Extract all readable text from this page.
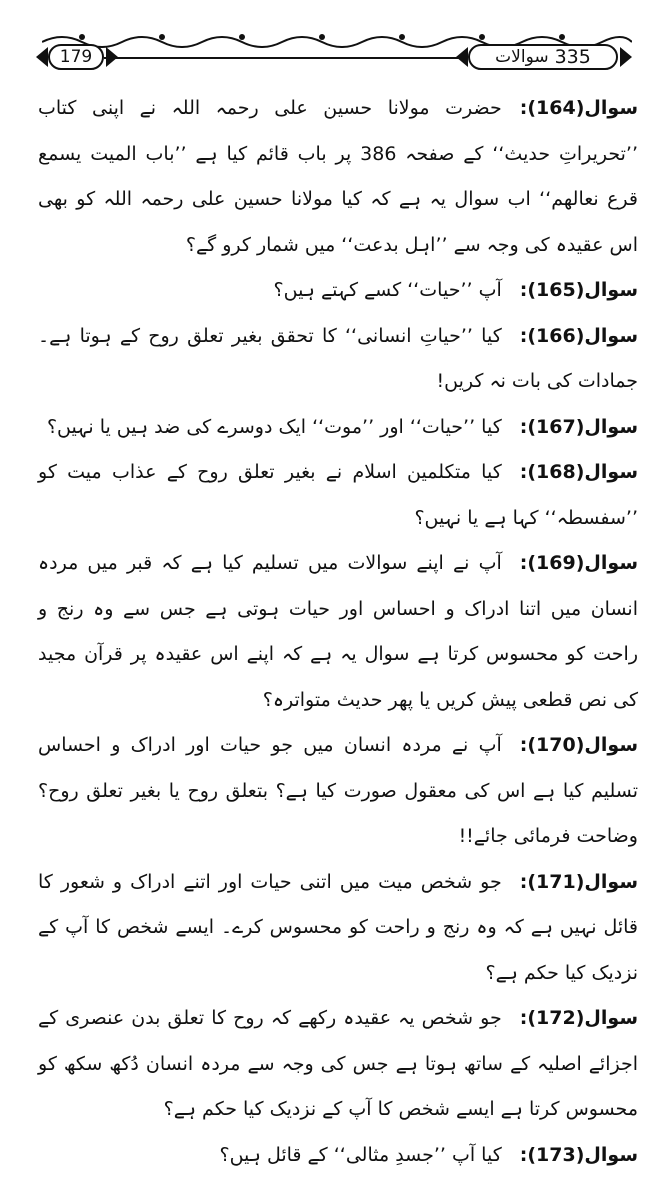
179	335
سوالات

سوال(164):حضرت مولانا حسین علی رحمہ اللہ نے اپنی کتاب ’’تحریراتِ حدیث‘‘ کے صفحہ 386 پر باب قائم کیا ہے ’’باب المیت یسمع قرع نعالھم‘‘ اب سوال یہ ہے کہ کیا مولانا حسین علی رحمہ اللہ کو بھی اس عقیدہ کی وجہ سے ’’اہل بدعت‘‘ میں شمار کرو گے؟

سوال(165):آپ ’’حیات‘‘ کسے کہتے ہیں؟

سوال(166):کیا ’’حیاتِ انسانی‘‘ کا تحقق بغیر تعلق روح کے ہوتا ہے۔ جمادات کی بات نہ کریں!

سوال(167):کیا ’’حیات‘‘ اور ’’موت‘‘ ایک دوسرے کی ضد ہیں یا نہیں؟

سوال(168):کیا متکلمین اسلام نے بغیر تعلق روح کے عذاب میت کو ’’سفسطہ‘‘ کہا ہے یا نہیں؟

سوال(169):آپ نے اپنے سوالات میں تسلیم کیا ہے کہ قبر میں مردہ انسان میں اتنا ادراک و احساس اور حیات ہوتی ہے جس سے وہ رنج و راحت کو محسوس کرتا ہے سوال یہ ہے کہ اپنے اس عقیدہ پر قرآن مجید کی نص قطعی پیش کریں یا پھر حدیث متواترہ؟

سوال(170):آپ نے مردہ انسان میں جو حیات اور ادراک و احساس تسلیم کیا ہے اس کی معقول صورت کیا ہے؟ بتعلق روح یا بغیر تعلق روح؟ وضاحت فرمائی جائے!!

سوال(171):جو شخص میت میں اتنی حیات اور اتنے ادراک و شعور کا قائل نہیں ہے کہ وہ رنج و راحت کو محسوس کرے۔ ایسے شخص کا آپ کے نزدیک کیا حکم ہے؟

سوال(172):جو شخص یہ عقیدہ رکھے کہ روح کا تعلق بدن عنصری کے اجزائے اصلیہ کے ساتھ ہوتا ہے جس کی وجہ سے مردہ انسان دُکھ سکھ کو محسوس کرتا ہے ایسے شخص کا آپ کے نزدیک کیا حکم ہے؟

سوال(173):کیا آپ ’’جسدِ مثالی‘‘ کے قائل ہیں؟
